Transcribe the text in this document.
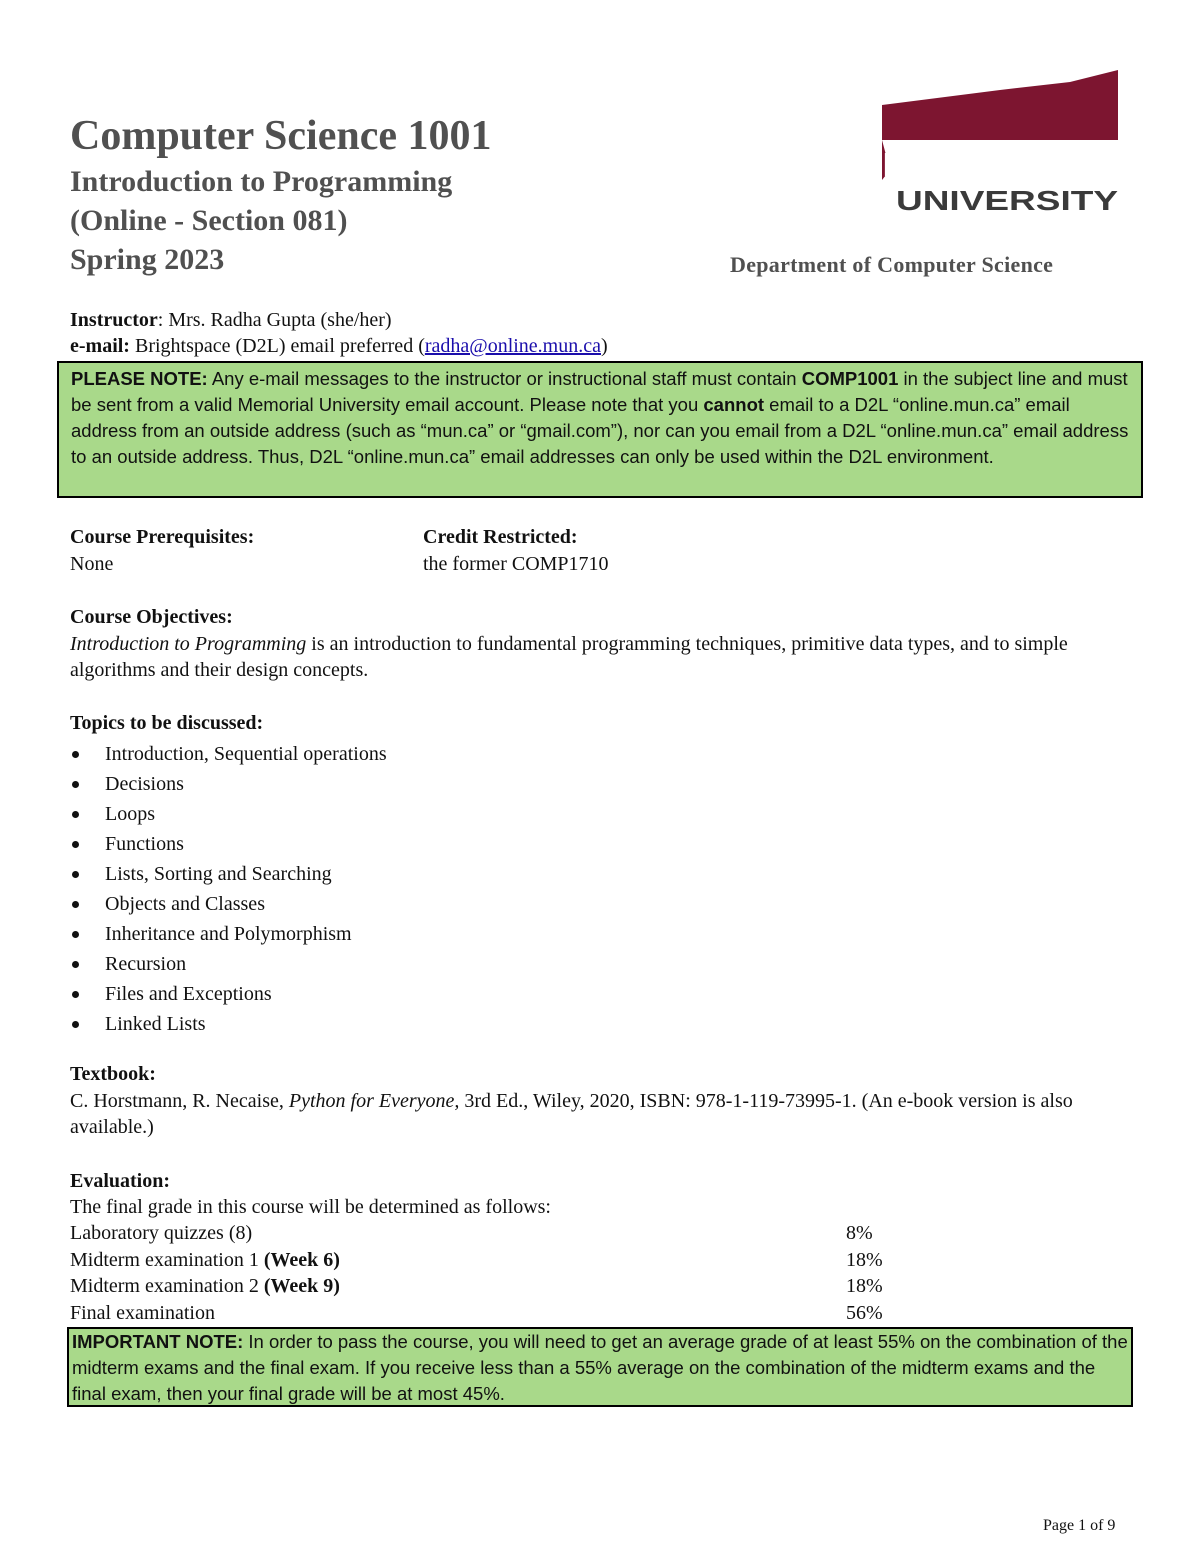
Computer Science 1001
Introduction to Programming
(Online - Section 081)
Spring 2023
MEMORIAL
UNIVERSITY
Department of Computer Science
Instructor: Mrs. Radha Gupta (she/her)
e-mail: Brightspace (D2L) email preferred (radha@online.mun.ca)
PLEASE NOTE: Any e-mail messages to the instructor or instructional staff must contain COMP1001 in the subject line and must be sent from a valid Memorial University email account. Please note that you cannot email to a D2L “online.mun.ca” email address from an outside address (such as “mun.ca” or “gmail.com”), nor can you email from a D2L “online.mun.ca” email address to an outside address. Thus, D2L “online.mun.ca” email addresses can only be used within the D2L environment.
Course Prerequisites:
None
Credit Restricted:
the former COMP1710
Course Objectives:
Introduction to Programming is an introduction to fundamental programming techniques, primitive data types, and to simple algorithms and their design concepts.
Topics to be discussed:
Introduction, Sequential operations
Decisions
Loops
Functions
Lists, Sorting and Searching
Objects and Classes
Inheritance and Polymorphism
Recursion
Files and Exceptions
Linked Lists
Textbook:
C. Horstmann, R. Necaise, Python for Everyone, 3rd Ed., Wiley, 2020, ISBN: 978-1-119-73995-1. (An e-book version is also available.)
Evaluation:
The final grade in this course will be determined as follows:
Laboratory quizzes (8)	8%
Midterm examination 1 (Week 6)	18%
Midterm examination 2 (Week 9)	18%
Final examination	56%
IMPORTANT NOTE: In order to pass the course, you will need to get an average grade of at least 55% on the combination of the midterm exams and the final exam. If you receive less than a 55% average on the combination of the midterm exams and the final exam, then your final grade will be at most 45%.
Page 1 of 9
